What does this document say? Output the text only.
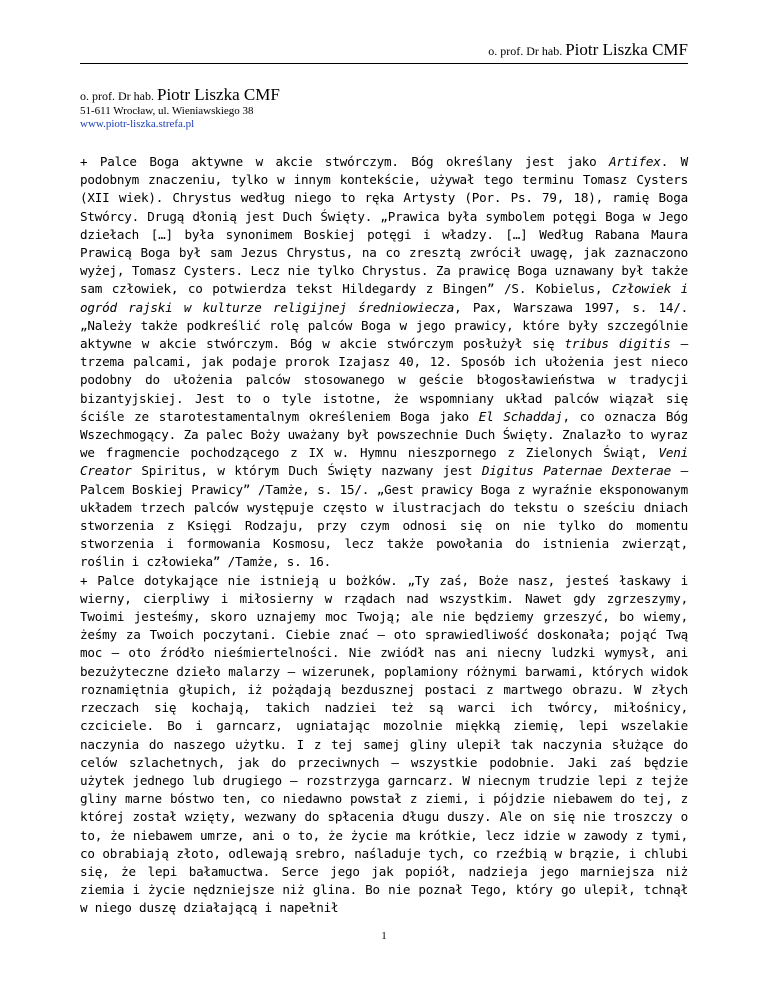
o. prof. Dr hab. Piotr Liszka CMF
o. prof. Dr hab. Piotr Liszka CMF
51-611 Wrocław, ul. Wieniawskiego 38
www.piotr-liszka.strefa.pl

+ Palce Boga aktywne w akcie stwórczym. Bóg określany jest jako Artifex. W podobnym znaczeniu, tylko w innym kontekście, używał tego terminu Tomasz Cysters (XII wiek). Chrystus według niego to ręka Artysty (Por. Ps. 79, 18), ramię Boga Stwórcy. Drugą dłonią jest Duch Święty. „Prawica była symbolem potęgi Boga w Jego dziełach […] była synonimem Boskiej potęgi i władzy. […] Według Rabana Maura Prawicą Boga był sam Jezus Chrystus, na co zresztą zwrócił uwagę, jak zaznaczono wyżej, Tomasz Cysters. Lecz nie tylko Chrystus. Za prawicę Boga uznawany był także sam człowiek, co potwierdza tekst Hildegardy z Bingen” /S. Kobielus, Człowiek i ogród rajski w kulturze religijnej średniowiecza, Pax, Warszawa 1997, s. 14/. „Należy także podkreślić rolę palców Boga w jego prawicy, które były szczególnie aktywne w akcie stwórczym. Bóg w akcie stwórczym posłużył się tribus digitis – trzema palcami, jak podaje prorok Izajasz 40, 12. Sposób ich ułożenia jest nieco podobny do ułożenia palców stosowanego w geście błogosławieństwa w tradycji bizantyjskiej. Jest to o tyle istotne, że wspomniany układ palców wiązał się ściśle ze starotestamentalnym określeniem Boga jako El Schaddaj, co oznacza Bóg Wszechmogący. Za palec Boży uważany był powszechnie Duch Święty. Znalazło to wyraz we fragmencie pochodzącego z IX w. Hymnu nieszpornego z Zielonych Świąt, Veni Creator Spiritus, w którym Duch Święty nazwany jest Digitus Paternae Dexterae – Palcem Boskiej Prawicy” /Tamże, s. 15/. „Gest prawicy Boga z wyraźnie eksponowanym układem trzech palców występuje często w ilustracjach do tekstu o sześciu dniach stworzenia z Księgi Rodzaju, przy czym odnosi się on nie tylko do momentu stworzenia i formowania Kosmosu, lecz także powołania do istnienia zwierząt, roślin i człowieka” /Tamże, s. 16.

+ Palce dotykające nie istnieją u bożków. „Ty zaś, Boże nasz, jesteś łaskawy i wierny, cierpliwy i miłosierny w rządach nad wszystkim. Nawet gdy zgrzeszymy, Twoimi jesteśmy, skoro uznajemy moc Twoją; ale nie będziemy grzeszyć, bo wiemy, żeśmy za Twoich poczytani. Ciebie znać – oto sprawiedliwość doskonała; pojąć Twą moc – oto źródło nieśmiertelności. Nie zwiódł nas ani niecny ludzki wymysł, ani bezużyteczne dzieło malarzy – wizerunek, poplamiony różnymi barwami, których widok roznamiętnia głupich, iż pożądają bezdusznej postaci z martwego obrazu. W złych rzeczach się kochają, takich nadziei też są warci ich twórcy, miłośnicy, czciciele. Bo i garncarz, ugniatając mozolnie miękką ziemię, lepi wszelakie naczynia do naszego użytku. I z tej samej gliny ulepił tak naczynia służące do celów szlachetnych, jak do przeciwnych – wszystkie podobnie. Jaki zaś będzie użytek jednego lub drugiego – rozstrzyga garncarz. W niecnym trudzie lepi z tejże gliny marne bóstwo ten, co niedawno powstał z ziemi, i pójdzie niebawem do tej, z której został wzięty, wezwany do spłacenia długu duszy. Ale on się nie troszczy o to, że niebawem umrze, ani o to, że życie ma krótkie, lecz idzie w zawody z tymi, co obrabiają złoto, odlewają srebro, naśladuje tych, co rzeźbią w brązie, i chlubi się, że lepi bałamuctwa. Serce jego jak popiół, nadzieja jego marniejsza niż ziemia i życie nędzniejsze niż glina. Bo nie poznał Tego, który go ulepił, tchnął w niego duszę działającą i napełnił

1
